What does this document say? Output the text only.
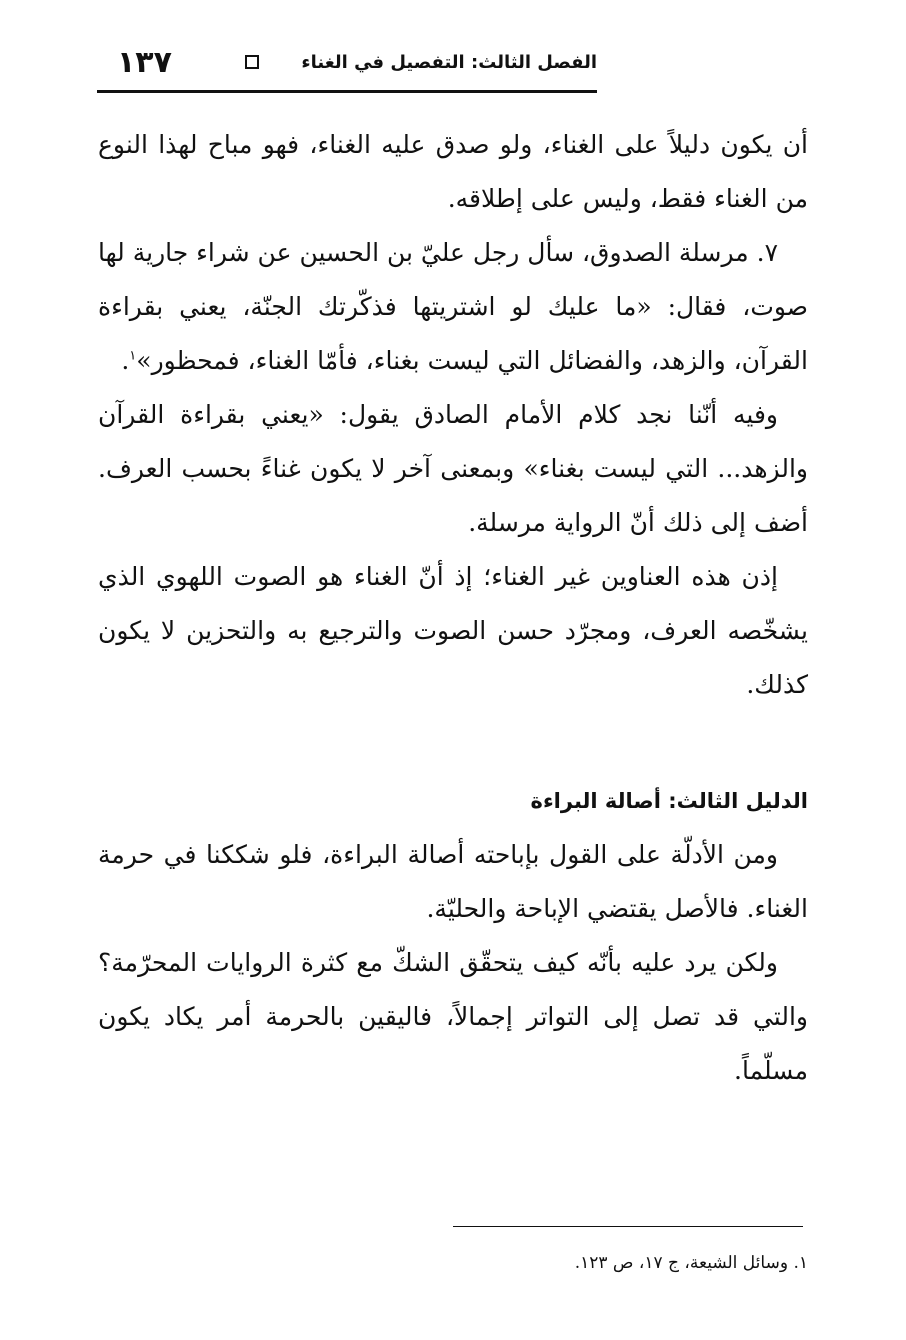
الفصل الثالث: التفصيل في الغناء
١٣٧

أن يكون دليلاً على الغناء، ولو صدق عليه الغناء، فهو مباح لهذا النوع من الغناء فقط، وليس على إطلاقه.

٧. مرسلة الصدوق، سأل رجل عليّ بن الحسين عن شراء جارية لها صوت، فقال: «ما عليك لو اشتريتها فذكّرتك الجنّة، يعني بقراءة القرآن، والزهد، والفضائل التي ليست بغناء، فأمّا الغناء، فمحظور»$^١$.

وفيه أنّنا نجد كلام الأمام الصادق يقول: «يعني بقراءة القرآن والزهد... التي ليست بغناء» وبمعنى آخر لا يكون غناءً بحسب العرف. أضف إلى ذلك أنّ الرواية مرسلة.

إذن هذه العناوين غير الغناء؛ إذ أنّ الغناء هو الصوت اللهوي الذي يشخّصه العرف، ومجرّد حسن الصوت والترجيع به والتحزين لا يكون كذلك.

الدليل الثالث: أصالة البراءة

ومن الأدلّة على القول بإباحته أصالة البراءة، فلو شككنا في حرمة الغناء. فالأصل يقتضي الإباحة والحليّة.

ولكن يرد عليه بأنّه كيف يتحقّق الشكّ مع كثرة الروايات المحرّمة؟ والتي قد تصل إلى التواتر إجمالاً، فاليقين بالحرمة أمر يكاد يكون مسلّماً.

١. وسائل الشيعة، ج ١٧، ص ١٢٣.
